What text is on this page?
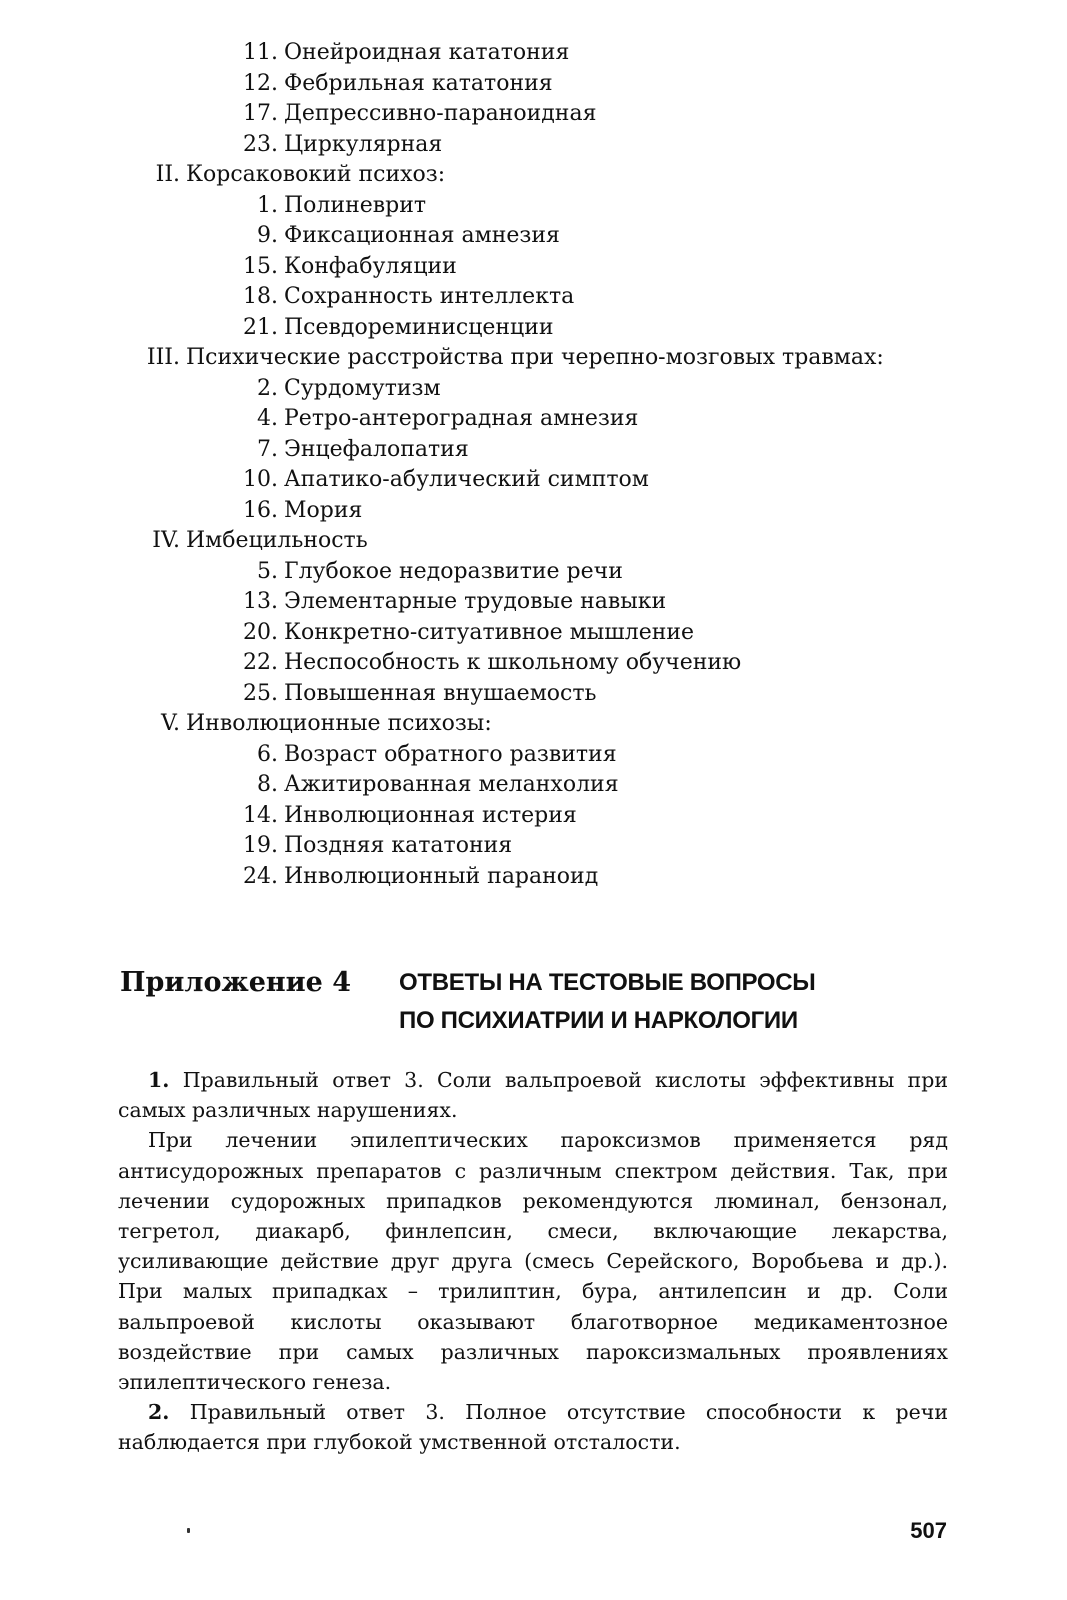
11. Онейроидная кататония
12. Фебрильная кататония
17. Депрессивно-параноидная
23. Циркулярная
II. Корсаковокий психоз:
1. Полиневрит
9. Фиксационная амнезия
15. Конфабуляции
18. Сохранность интеллекта
21. Псевдореминисценции
III. Психические расстройства при черепно-мозговых травмах:
2. Сурдомутизм
4. Ретро-антероградная амнезия
7. Энцефалопатия
10. Апатико-абулический симптом
16. Мория
IV. Имбецильность
5. Глубокое недоразвитие речи
13. Элементарные трудовые навыки
20. Конкретно-ситуативное мышление
22. Неспособность к школьному обучению
25. Повышенная внушаемость
V. Инволюционные психозы:
6. Возраст обратного развития
8. Ажитированная меланхолия
14. Инволюционная истерия
19. Поздняя кататония
24. Инволюционный параноид
Приложение 4 ОТВЕТЫ НА ТЕСТОВЫЕ ВОПРОСЫ
ПО ПСИХИАТРИИ И НАРКОЛОГИИ

1. Правильный ответ 3. Соли вальпроевой кислоты эффективны при самых различных нарушениях.

При лечении эпилептических пароксизмов применяется ряд антисудорожных препаратов с различным спектром действия. Так, при лечении судорожных припадков рекомендуются люминал, бензонал, тегретол, диакарб, финлепсин, смеси, включающие лекарства, усиливающие действие друг друга (смесь Серейского, Воробьева и др.). При малых припадках – трилиптин, бура, антилепсин и др. Соли вальпроевой кислоты оказывают благотворное медикаментозное воздействие при самых различных пароксизмальных проявлениях эпилептического генеза.

2. Правильный ответ 3. Полное отсутствие способности к речи наблюдается при глубокой умственной отсталости.

507
